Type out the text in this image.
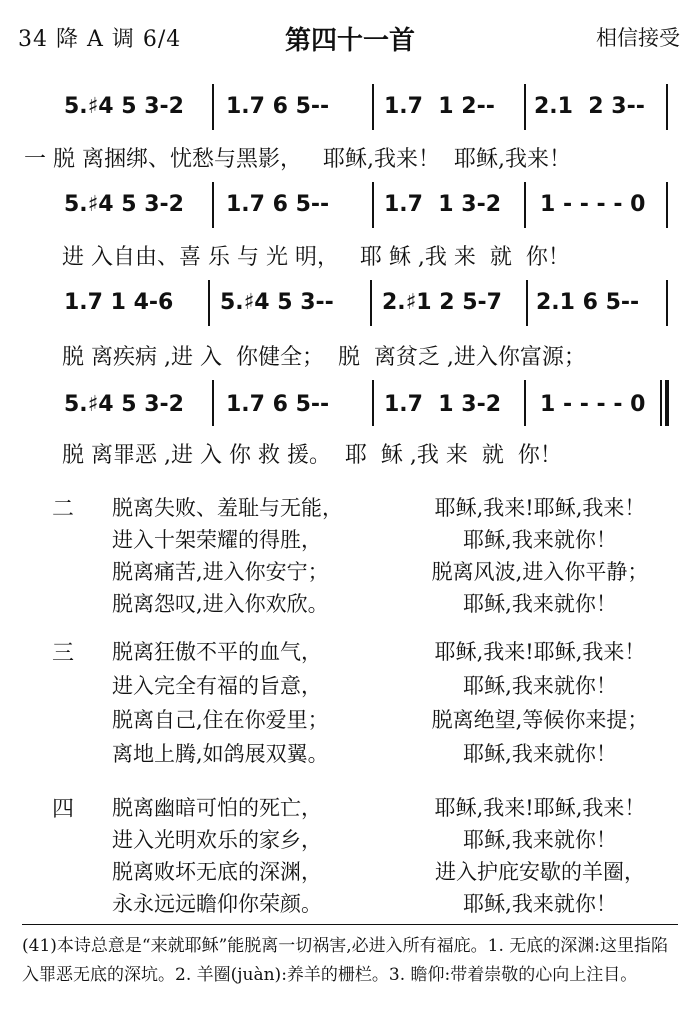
34 降 A 调 6/4	第四十一首	相信接受
5.♯4 5 3-2 1.7 6 5-- 1.7  1 2-- 2.1  2 3--
一 脱 离捆绑、忧愁与黑影，   耶稣,我来！  耶稣,我来！
5.♯4 5 3-2 1.7 6 5-- 1.7  1 3-2 1 - - - - 0
进 入自由、喜 乐 与 光 明，   耶 稣 ,我 来  就  你！
1.7 1 4-6 5.♯4 5 3-- 2.♯1 2 5-7 2.1 6 5--
脱 离疾病 ,进 入  你健全；  脱  离贫乏 ,进入你富源；
5.♯4 5 3-2 1.7 6 5-- 1.7  1 3-2 1 - - - - 0
脱 离罪恶 ,进 入 你 救 援。  耶  稣 ,我 来  就  你！
二 脱离失败、羞耻与无能，	耶稣,我来!耶稣,我来！
进入十架荣耀的得胜，	耶稣,我来就你！
脱离痛苦,进入你安宁；	脱离风波,进入你平静；
脱离怨叹,进入你欢欣。	耶稣,我来就你！
三 脱离狂傲不平的血气，	耶稣,我来!耶稣,我来！
进入完全有福的旨意，	耶稣,我来就你！
脱离自己,住在你爱里；	脱离绝望,等候你来提；
离地上腾,如鸽展双翼。	耶稣,我来就你！
四 脱离幽暗可怕的死亡，	耶稣,我来!耶稣,我来！
进入光明欢乐的家乡，	耶稣,我来就你！
脱离败坏无底的深渊，	进入护庇安歇的羊圈，
永永远远瞻仰你荣颜。	耶稣,我来就你！
(41)本诗总意是“来就耶稣”能脱离一切祸害,必进入所有福庇。1. 无底的深渊:这里指陷入罪恶无底的深坑。2. 羊圈(juàn):养羊的栅栏。3. 瞻仰:带着崇敬的心向上注目。
